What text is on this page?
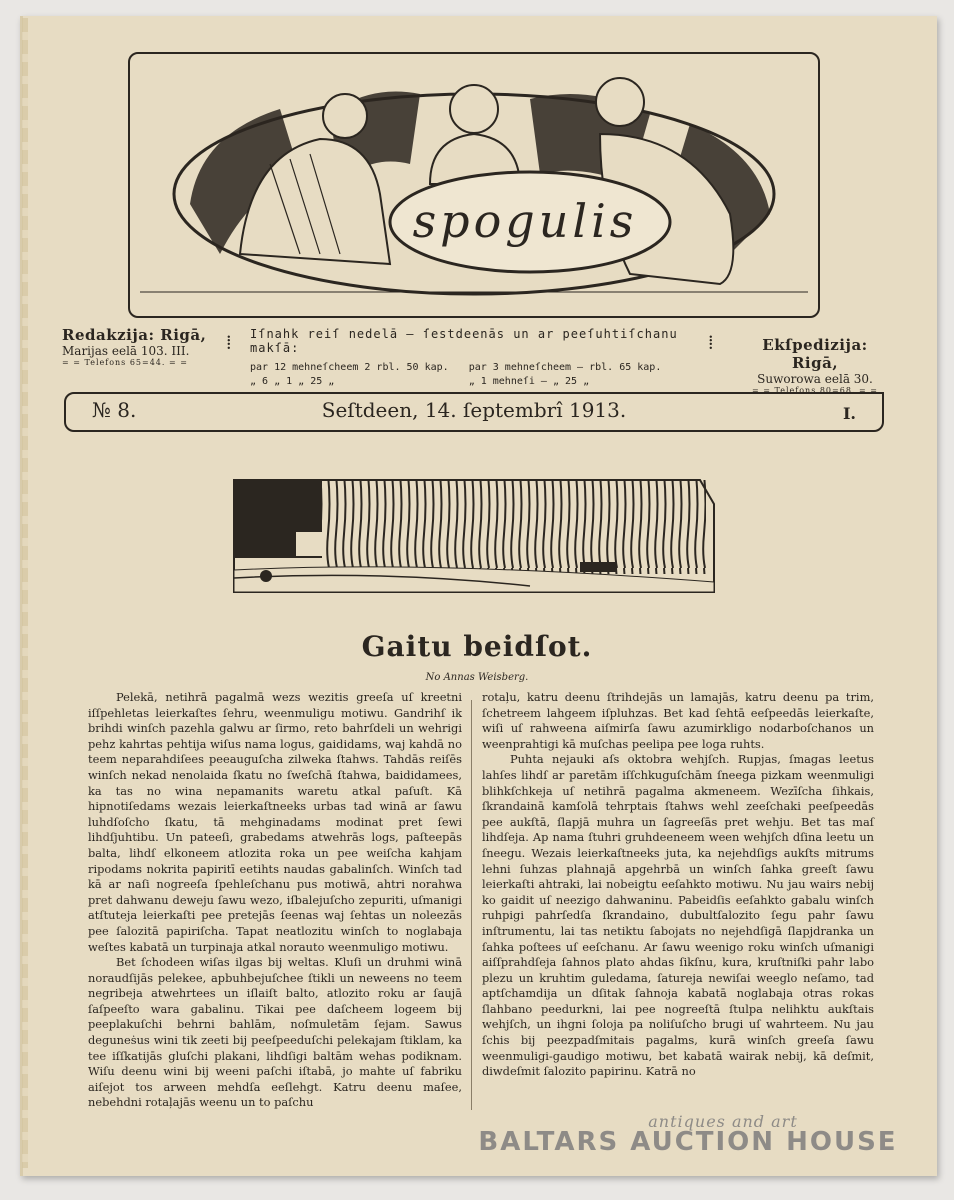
spogulis
Redakzija: Rigā,
Marijas eelā 103. III.
= = Telefons 65=44. = =
⁞ Iſnahk reiſ nedelā — ſestdeenās un ar peeſuhtiſchanu makſā:
par 12 mehneſcheem 2 rbl. 50 kap.
„ 6 „ 1 „ 25 „
par 3 mehneſcheem — rbl. 65 kap.
„ 1 mehneſi — „ 25 „
⁞	Ekſpedizija: Rigā,
Suworowa eelā 30.
= = Telefons 80=68. = =
№ 8.	Seſtdeen, 14. ſeptembrî 1913.	I.
Gaitu beidſot.
No Annas Weisberg.

Pelekā, netihrā pagalmā wezs wezitis greeſa uſ kreetni iſſpehletas leierkaſtes ſehru, weenmuligu motiwu. Gandrihſ ik brihdi winſch pazehla galwu ar ſirmo, reto bahrſdeli un wehrigi pehz kahrtas pehtija wiſus nama logus, gaididams, waj kahdā no teem neparahdiſees peeauguſcha zilweka ſtahws. Tahdās reiſēs winſch nekad nenolaida ſkatu no ſweſchā ſtahwa, baididamees, ka tas no wina nepamanits waretu atkal paſuſt. Kā hipnotiſedams wezais leierkaſtneeks urbas tad winā ar ſawu luhdſoſcho ſkatu, tā mehginadams modinat pret ſewi lihdſjuhtibu. Un pateeſi, grabedams atwehrās logs, paſteepās balta, lihdſ elkoneem atlozita roka un pee weiſcha kahjam ripodams nokrita papiritī eetihts naudas gabalinſch. Winſch tad kā ar naſi nogreeſa ſpehleſchanu pus motiwā, ahtri norahwa pret dahwanu deweju ſawu wezo, iſbalejuſcho zepuriti, uſmanigi atſtuteja leierkaſti pee pretejās ſeenas waj ſehtas un noleezās pee ſalozitā papiriſcha. Tapat neatlozitu winſch to noglabaja weſtes kabatā un turpinaja atkal norauto weenmuligo motiwu.

Bet ſchodeen wiſas ilgas bij weltas. Kluſi un druhmi winā noraudſijās pelekee, apbuhbejuſchee ſtikli un neweens no teem negribeja atwehrtees un iſlaiſt balto, atlozito roku ar ſaujā ſaſpeeſto wara gabalinu. Tikai pee daſcheem logeem bij peeplakuſchi behrni bahlām, noſmuletām ſejam. Sawus deguneṡus wini tik zeeti bij peeſpeeduſchi pelekajam ſtiklam, ka tee iſſkatijās gluſchi plakani, lihdſigi baltām wehas podiknam. Wiſu deenu wini bij weeni paſchi iſtabā, jo mahte uſ fabriku aiſejot tos arween mehdſa eeſlehgt. Katru deenu maſee, nebehdni rotaļajās weenu un to paſchu

rotaļu, katru deenu ſtrihdejās un lamajās, katru deenu pa trim, ſchetreem lahgeem iſpluhzas. Bet kad ſehtā eeſpeedās leierkaſte, wiſi uſ rahweena aiſmirſa ſawu azumirkligo nodarboſchanos un weenprahtigi kā muſchas peelipa pee loga ruhts.

Puhta nejauki aſs oktobra wehjſch. Rupjas, ſmagas leetus lahſes lihdſ ar paretām iſſchkuguſchām ſneega pizkam weenmuligi blihkſchkeja uſ netihrā pagalma akmeneem. Wezīſcha ſihkais, ſkrandainā kamſolā tehrptais ſtahws wehl zeeſchaki peeſpeedās pee aukſtā, ſlapjā muhra un ſagreeſās pret wehju. Bet tas maſ lihdſeja. Ap nama ſtuhri gruhdeeneem ween wehjſch dſina leetu un ſneegu. Wezais leierkaſtneeks juta, ka nejehdſigs aukſts mitrums lehni ſuhzas plahnajā apgehrbā un winſch ſahka greeſt ſawu leierkaſti ahtraki, lai nobeigtu eeſahkto motiwu. Nu jau wairs nebij ko gaidit uſ neezigo dahwaninu. Pabeidſis eeſahkto gabalu winſch ruhpigi pahrſedſa ſkrandaino, dubultſalozito ſegu pahr ſawu inſtrumentu, lai tas netiktu ſabojats no nejehdſigā ſlapjdranka un ſahka poſtees uſ eeſchanu. Ar ſawu weenigo roku winſch uſmanigi aiſſprahdſeja ſahnos plato ahdas ſikſnu, kura, kruſtniſki pahr labo plezu un kruhtim guledama, ſatureja newiſai weeglo neſamo, tad aptſchamdija un dſitak ſahnoja kabatā noglabaja otras rokas ſlahbano peedurkni, lai pee nogreeſtā ſtulpa nelihktu aukſtais wehjſch, un ihgni ſoloja pa noliſuſcho brugi uſ wahrteem. Nu jau ſchis bij peezpadſmitais pagalms, kurā winſch greeſa ſawu weenmuligi-gaudigo motiwu, bet kabatā wairak nebij, kā deſmit, diwdeſmit ſalozito papirinu. Katrā no

antiques and art
BALTARS AUCTION HOUSE
